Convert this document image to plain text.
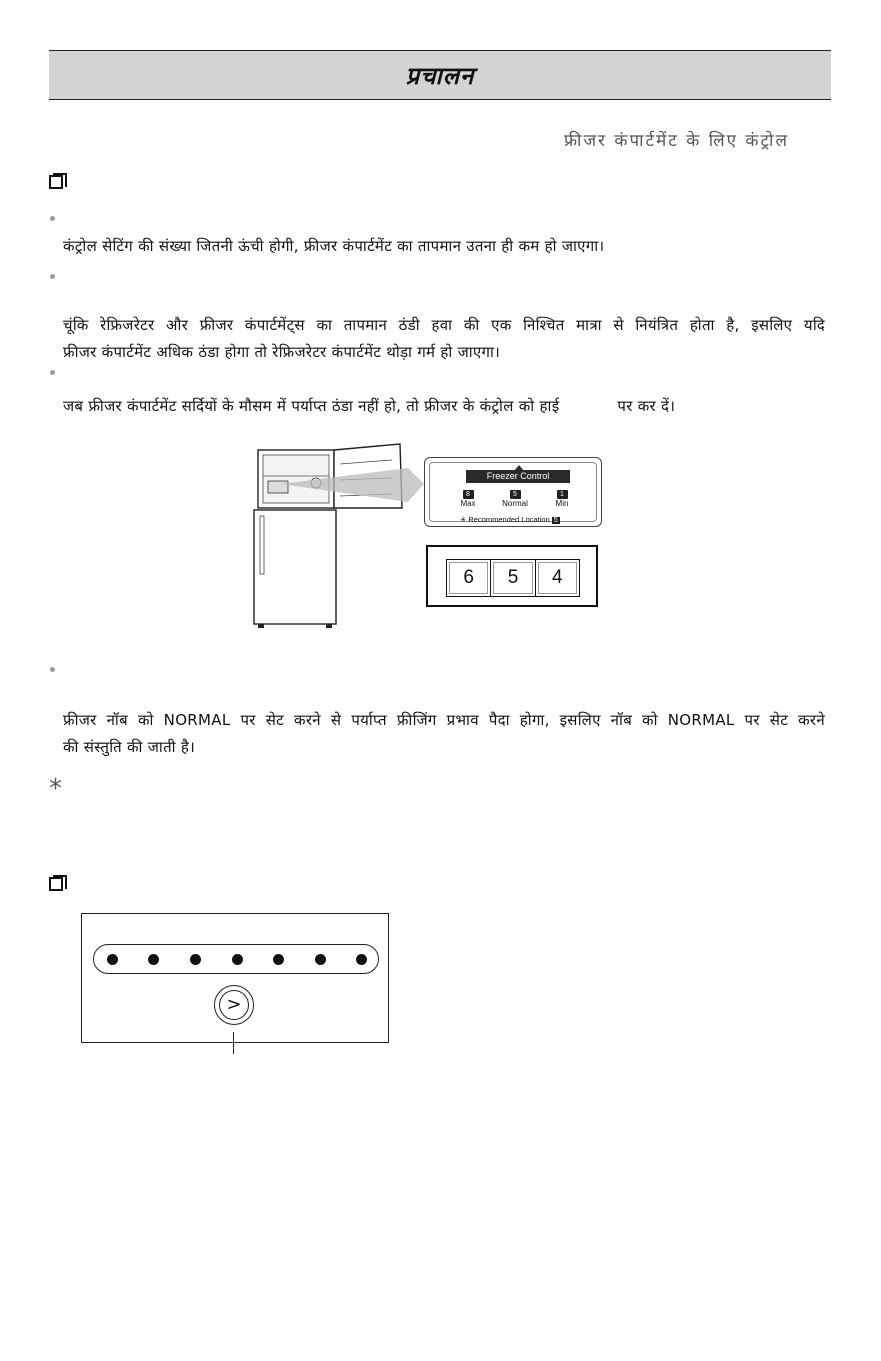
प्रचालन
फ्रीजर कंपार्टमेंट के लिए कंट्रोल
कंट्रोल सेटिंग की संख्या जितनी ऊंची होगी, फ्रीजर कंपार्टमेंट का तापमान उतना ही कम हो जाएगा।
चूंकि रेफ्रिजरेटर और फ्रीजर कंपार्टमेंट्स का तापमान ठंडी हवा की एक निश्चित मात्रा से नियंत्रित होता है, इसलिए यदि
फ्रीजर कंपार्टमेंट अधिक ठंडा होगा तो रेफ्रिजरेटर कंपार्टमेंट थोड़ा गर्म हो जाएगा।
जब फ्रीजर कंपार्टमेंट सर्दियों के मौसम में पर्याप्त ठंडा नहीं हो, तो फ्रीजर के कंट्रोल को हाई	पर कर दें।
Freezer Control
8
Max
5
Normal
1
Min
✳ Recommended Location 5
6	5	4
फ्रीजर नॉब को NORMAL पर सेट करने से पर्याप्त फ्रीजिंग प्रभाव पैदा होगा, इसलिए नॉब को NORMAL पर सेट करने
की संस्तुति की जाती है।
*
>
